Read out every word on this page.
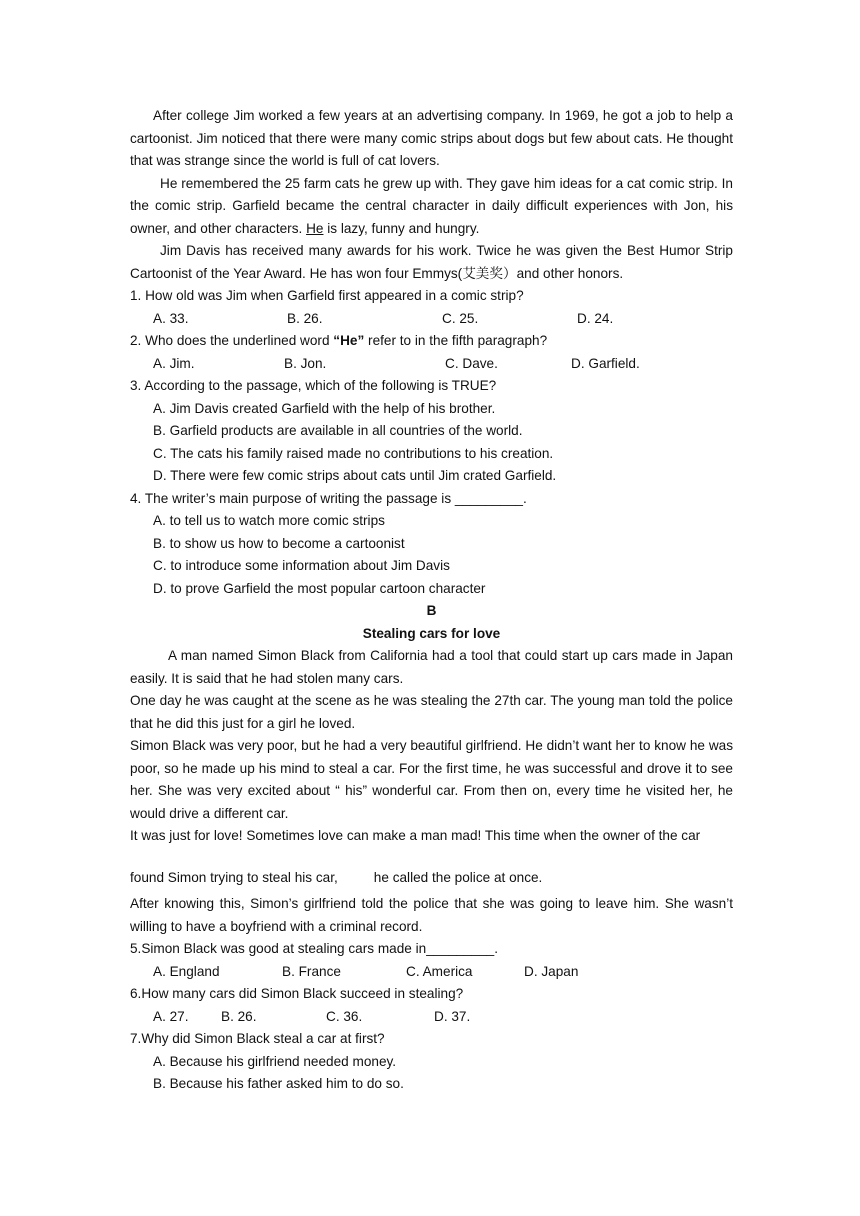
After college Jim worked a few years at an advertising company. In 1969, he got a job to help a cartoonist. Jim noticed that there were many comic strips about dogs but few about cats. He thought that was strange since the world is full of cat lovers.

He remembered the 25 farm cats he grew up with. They gave him ideas for a cat comic strip. In the comic strip. Garfield became the central character in daily difficult experiences with Jon, his owner, and other characters. He is lazy, funny and hungry.

Jim Davis has received many awards for his work. Twice he was given the Best Humor Strip Cartoonist of the Year Award. He has won four Emmys(艾美奖）and other honors.

1. How old was Jim when Garfield first appeared in a comic strip?

A. 33.	B. 26.	C. 25.	D. 24.

2. Who does the underlined word “He” refer to in the fifth paragraph?

A. Jim.	B. Jon.	C. Dave.	D. Garfield.

3. According to the passage, which of the following is TRUE?

A. Jim Davis created Garfield with the help of his brother.

B. Garfield products are available in all countries of the world.

C. The cats his family raised made no contributions to his creation.

D. There were few comic strips about cats until Jim crated Garfield.

4. The writer’s main purpose of writing the passage is _________.

A. to tell us to watch more comic strips

B. to show us how to become a cartoonist

C. to introduce some information about Jim Davis

D. to prove Garfield the most popular cartoon character

B

Stealing cars for love

A man named Simon Black from California had a tool that could start up cars made in Japan easily. It is said that he had stolen many cars.

One day he was caught at the scene as he was stealing the 27th car. The young man told the police that he did this just for a girl he loved.

Simon Black was very poor, but he had a very beautiful girlfriend. He didn’t want her to know he was poor, so he made up his mind to steal a car. For the first time, he was successful and drove it to see her. She was very excited about “ his” wonderful car. From then on, every time he visited her, he would drive a different car.

It was just for love! Sometimes love can make a man mad! This time when the owner of the car

found Simon trying to steal his car,	he called the police at once.

After knowing this, Simon’s girlfriend told the police that she was going to leave him. She wasn’t willing to have a boyfriend with a criminal record.

5.Simon Black was good at stealing cars made in_________.

A. England	B. France	C. America	D. Japan

6.How many cars did Simon Black succeed in stealing?

A. 27. B. 26.	C. 36.	D. 37.

7.Why did Simon Black steal a car at first?

A. Because his girlfriend needed money.

B. Because his father asked him to do so.
